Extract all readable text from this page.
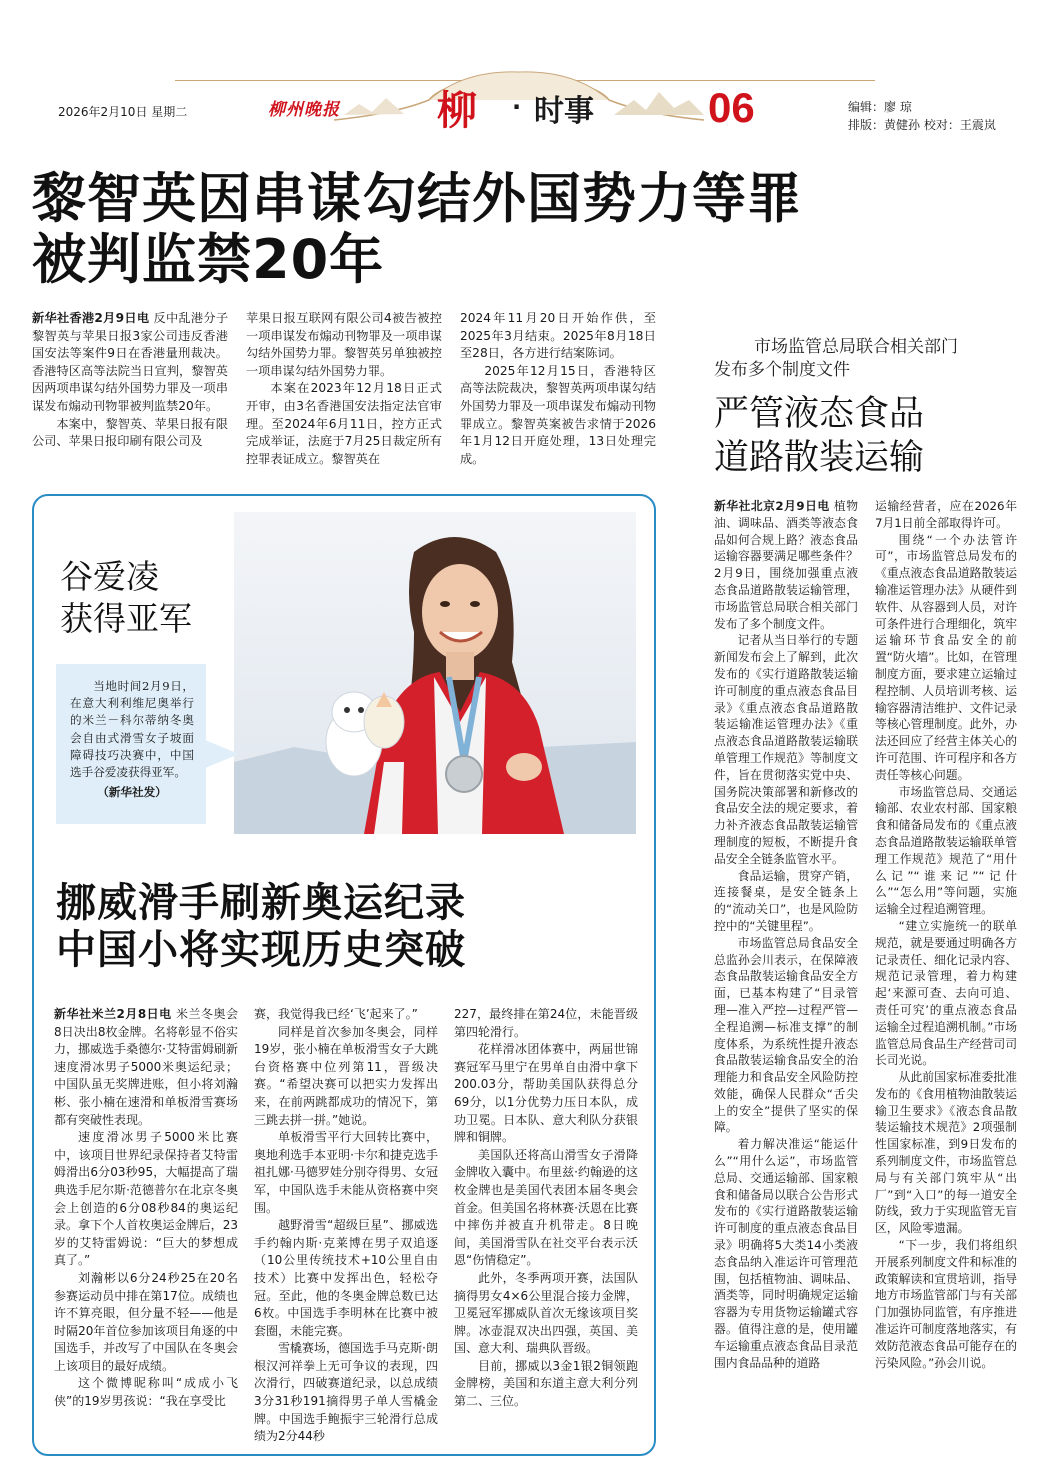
2026年2月10日 星期二	柳州晚报 柳 · 时事	06	编辑：廖 琼
排版：黄健孙 校对：王震岚
黎智英因串谋勾结外国势力等罪
被判监禁20年

新华社香港2月9日电 反中乱港分子黎智英与苹果日报3家公司违反香港国安法等案件9日在香港量刑裁决。香港特区高等法院当日宣判，黎智英因两项串谋勾结外国势力罪及一项串谋发布煽动刊物罪被判监禁20年。

本案中，黎智英、苹果日报有限公司、苹果日报印刷有限公司及

苹果日报互联网有限公司4被告被控一项串谋发布煽动刊物罪及一项串谋勾结外国势力罪。黎智英另单独被控一项串谋勾结外国势力罪。

本案在2023年12月18日正式开审，由3名香港国安法指定法官审理。至2024年6月11日，控方正式完成举证，法庭于7月25日裁定所有控罪表证成立。黎智英在

2024年11月20日开始作供，至2025年3月结束。2025年8月18日至28日，各方进行结案陈词。

2025年12月15日，香港特区高等法院裁决，黎智英两项串谋勾结外国势力罪及一项串谋发布煽动刊物罪成立。黎智英案被告求情于2026年1月12日开庭处理，13日处理完成。

市场监管总局联合相关部门
发布多个制度文件
严管液态食品
道路散装运输

新华社北京2月9日电 植物油、调味品、酒类等液态食品如何合规上路？液态食品运输容器要满足哪些条件？2月9日，围绕加强重点液态食品道路散装运输管理，市场监管总局联合相关部门发布了多个制度文件。

记者从当日举行的专题新闻发布会上了解到，此次发布的《实行道路散装运输许可制度的重点液态食品目录》《重点液态食品道路散装运输准运管理办法》《重点液态食品道路散装运输联单管理工作规范》等制度文件，旨在贯彻落实党中央、国务院决策部署和新修改的食品安全法的规定要求，着力补齐液态食品散装运输管理制度的短板，不断提升食品安全全链条监管水平。

食品运输，贯穿产销，连接餐桌，是安全链条上的“流动关口”，也是风险防控中的“关键里程”。

市场监管总局食品安全总监孙会川表示，在保障液态食品散装运输食品安全方面，已基本构建了“目录管理—准入严控—过程严管—全程追溯—标准支撑”的制度体系，为系统性提升液态食品散装运输食品安全的治理能力和食品安全风险防控效能，确保人民群众“舌尖上的安全”提供了坚实的保障。

着力解决准运“能运什么”“用什么运”，市场监管总局、交通运输部、国家粮食和储备局以联合公告形式发布的《实行道路散装运输许可制度的重点液态食品目录》明确将5大类14小类液态食品纳入准运许可管理范围，包括植物油、调味品、酒类等，同时明确规定运输容器为专用货物运输罐式容器。值得注意的是，使用罐车运输重点液态食品目录范围内食品品种的道路

运输经营者，应在2026年7月1日前全部取得许可。

围绕“一个办法管许可”，市场监管总局发布的《重点液态食品道路散装运输准运管理办法》从硬件到软件、从容器到人员，对许可条件进行合理细化，筑牢运输环节食品安全的前置“防火墙”。比如，在管理制度方面，要求建立运输过程控制、人员培训考核、运输容器清洁维护、文件记录等核心管理制度。此外，办法还回应了经营主体关心的许可范围、许可程序和各方责任等核心问题。

市场监管总局、交通运输部、农业农村部、国家粮食和储备局发布的《重点液态食品道路散装运输联单管理工作规范》规范了“用什么记”“谁来记”“记什么”“怎么用”等问题，实施运输全过程追溯管理。

“建立实施统一的联单规范，就是要通过明确各方记录责任、细化记录内容、规范记录管理，着力构建起‘来源可查、去向可追、责任可究’的重点液态食品运输全过程追溯机制。”市场监管总局食品生产经营司司长司光说。

从此前国家标准委批准发布的《食用植物油散装运输卫生要求》《液态食品散装运输技术规范》2项强制性国家标准，到9日发布的系列制度文件，市场监管总局与有关部门筑牢从“出厂”到“入口”的每一道安全防线，致力于实现监管无盲区，风险零遗漏。

“下一步，我们将组织开展系列制度文件和标准的政策解读和宣贯培训，指导地方市场监管部门与有关部门加强协同监管，有序推进准运许可制度落地落实，有效防范液态食品可能存在的污染风险。”孙会川说。

谷爱凌
获得亚军

当地时间2月9日，在意大利利维尼奥举行的米兰－科尔蒂纳冬奥会自由式滑雪女子坡面障碍技巧决赛中，中国选手谷爱凌获得亚军。

（新华社发）

挪威滑手刷新奥运纪录
中国小将实现历史突破

新华社米兰2月8日电 米兰冬奥会8日决出8枚金牌。名将彰显不俗实力，挪威选手桑德尔·艾特雷姆刷新速度滑冰男子5000米奥运纪录；中国队虽无奖牌进账，但小将刘瀚彬、张小楠在速滑和单板滑雪赛场都有突破性表现。

速度滑冰男子5000米比赛中，该项目世界纪录保持者艾特雷姆滑出6分03秒95，大幅提高了瑞典选手尼尔斯·范德普尔在北京冬奥会上创造的6分08秒84的奥运纪录。拿下个人首枚奥运金牌后，23岁的艾特雷姆说：“巨大的梦想成真了。”

刘瀚彬以6分24秒25在20名参赛运动员中排在第17位。成绩也许不算亮眼，但分量不轻——他是时隔20年首位参加该项目角逐的中国选手，并改写了中国队在冬奥会上该项目的最好成绩。

这个微博昵称叫“成成小飞侠”的19岁男孩说：“我在享受比

赛，我觉得我已经‘飞’起来了。”

同样是首次参加冬奥会，同样19岁，张小楠在单板滑雪女子大跳台资格赛中位列第11，晋级决赛。“希望决赛可以把实力发挥出来，在前两跳都成功的情况下，第三跳去拼一拼。”她说。

单板滑雪平行大回转比赛中，奥地利选手本亚明·卡尔和捷克选手祖扎娜·马德罗娃分别夺得男、女冠军，中国队选手未能从资格赛中突围。

越野滑雪“超级巨星”、挪威选手约翰内斯·克莱博在男子双追逐（10公里传统技术+10公里自由技术）比赛中发挥出色，轻松夺冠。至此，他的冬奥金牌总数已达6枚。中国选手李明林在比赛中被套圈，未能完赛。

雪橇赛场，德国选手马克斯·朗根汉河祥拳上无可争议的表现，四次滑行，四破赛道纪录，以总成绩3分31秒191摘得男子单人雪橇金牌。中国选手鲍振宇三轮滑行总成绩为2分44秒

227，最终排在第24位，未能晋级第四轮滑行。

花样滑冰团体赛中，两届世锦赛冠军马里宁在男单自由滑中拿下200.03分，帮助美国队获得总分69分，以1分优势力压日本队，成功卫冕。日本队、意大利队分获银牌和铜牌。

美国队还将高山滑雪女子滑降金牌收入囊中。布里兹·约翰逊的这枚金牌也是美国代表团本届冬奥会首金。但美国名将林赛·沃恩在比赛中摔伤并被直升机带走。8日晚间，美国滑雪队在社交平台表示沃恩“伤情稳定”。

此外，冬季两项开赛，法国队摘得男女4×6公里混合接力金牌，卫冕冠军挪威队首次无缘该项目奖牌。冰壶混双决出四强，英国、美国、意大利、瑞典队晋级。

目前，挪威以3金1银2铜领跑金牌榜，美国和东道主意大利分列第二、三位。
